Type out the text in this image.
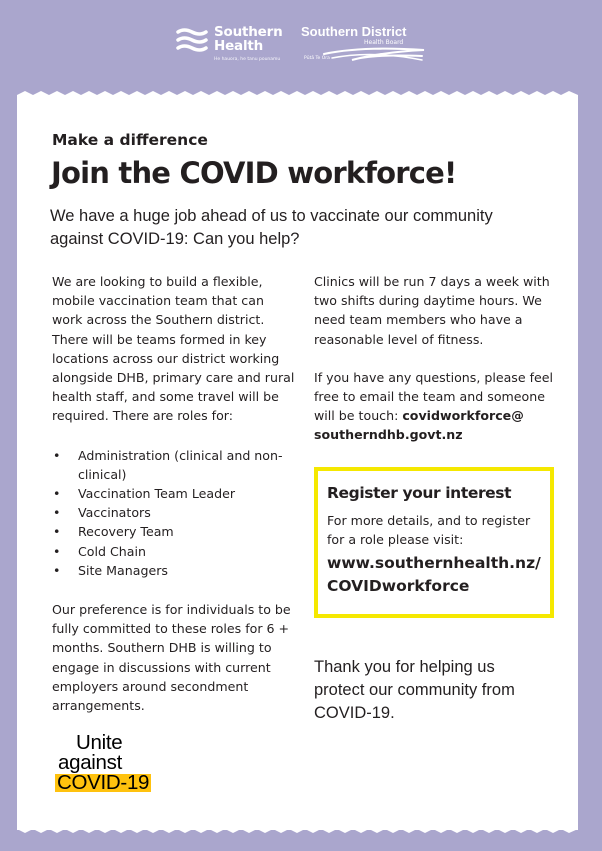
Southern
Health
He hauora, he tanu pounamu
Southern District
Health Board
Pūtā Te Ora
Make a difference
Join the COVID workforce!
We have a huge job ahead of us to vaccinate our community against COVID-19: Can you help?

We are looking to build a flexible, mobile vaccination team that can work across the Southern district. There will be teams formed in key locations across our district working alongside DHB, primary care and rural health staff, and some travel will be required. There are roles for:

• Administration (clinical and non-clinical)
• Vaccination Team Leader
• Vaccinators
• Recovery Team
• Cold Chain
• Site Managers

Our preference is for individuals to be fully committed to these roles for 6 + months. Southern DHB is willing to engage in discussions with current employers around secondment arrangements.

Clinics will be run 7 days a week with two shifts during daytime hours. We need team members who have a reasonable level of fitness.

If you have any questions, please feel free to email the team and someone will be touch: covidworkforce@ southerndhb.govt.nz

Register your interest
For more details, and to register for a role please visit:
www.southernhealth.nz/ COVIDworkforce
Thank you for helping us protect our community from COVID-19.
Unite
against
COVID-19
